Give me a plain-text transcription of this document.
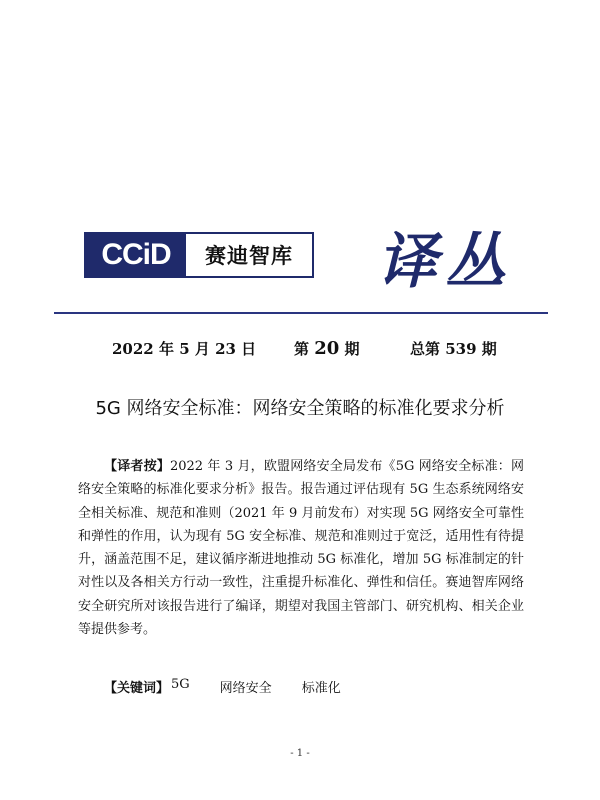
CCiD	赛迪智库	译丛
2022 年 5 月 23 日	第 20 期	总第 539 期
5G 网络安全标准：网络安全策略的标准化要求分析

【译者按】2022 年 3 月，欧盟网络安全局发布《5G 网络安全标准：网络安全策略的标准化要求分析》报告。报告通过评估现有 5G 生态系统网络安全相关标准、规范和准则（2021 年 9 月前发布）对实现 5G 网络安全可靠性和弹性的作用，认为现有 5G 安全标准、规范和准则过于宽泛，适用性有待提升，涵盖范围不足，建议循序渐进地推动 5G 标准化，增加 5G 标准制定的针对性以及各相关方行动一致性，注重提升标准化、弹性和信任。赛迪智库网络安全研究所对该报告进行了编译，期望对我国主管部门、研究机构、相关企业等提供参考。

【关键词】 5G 网络安全 标准化
- 1 -
